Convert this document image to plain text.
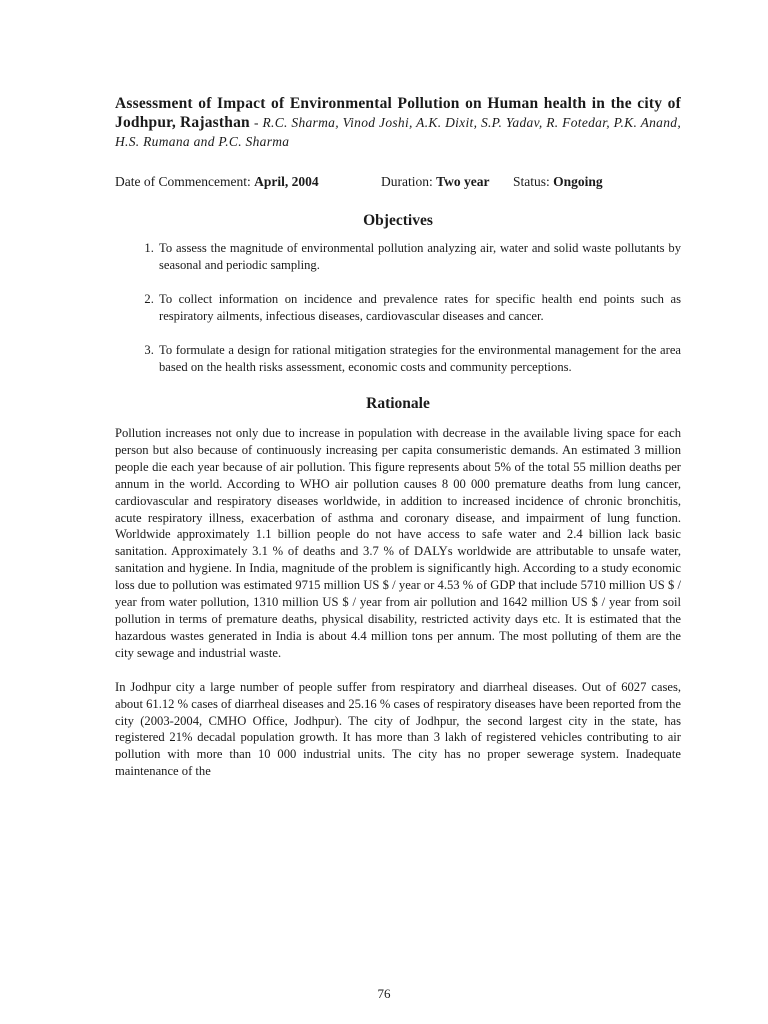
Assessment of Impact of Environmental Pollution on Human health in the city of Jodhpur, Rajasthan - R.C. Sharma, Vinod Joshi, A.K. Dixit, S.P. Yadav, R. Fotedar, P.K. Anand, H.S. Rumana and P.C. Sharma
Date of Commencement: April, 2004	Duration: Two year	Status: Ongoing
Objectives
1. To assess the magnitude of environmental pollution analyzing air, water and solid waste pollutants by seasonal and periodic sampling.
2. To collect information on incidence and prevalence rates for specific health end points such as respiratory ailments, infectious diseases, cardiovascular diseases and cancer.
3. To formulate a design for rational mitigation strategies for the environmental management for the area based on the health risks assessment, economic costs and community perceptions.
Rationale

Pollution increases not only due to increase in population with decrease in the available living space for each person but also because of continuously increasing per capita consumeristic demands. An estimated 3 million people die each year because of air pollution. This figure represents about 5% of the total 55 million deaths per annum in the world. According to WHO air pollution causes 8 00 000 premature deaths from lung cancer, cardiovascular and respiratory diseases worldwide, in addition to increased incidence of chronic bronchitis, acute respiratory illness, exacerbation of asthma and coronary disease, and impairment of lung function. Worldwide approximately 1.1 billion people do not have access to safe water and 2.4 billion lack basic sanitation. Approximately 3.1 % of deaths and 3.7 % of DALYs worldwide are attributable to unsafe water, sanitation and hygiene. In India, magnitude of the problem is significantly high. According to a study economic loss due to pollution was estimated 9715 million US $ / year or 4.53 % of GDP that include 5710 million US $ / year from water pollution, 1310 million US $ / year from air pollution and 1642 million US $ / year from soil pollution in terms of premature deaths, physical disability, restricted activity days etc. It is estimated that the hazardous wastes generated in India is about 4.4 million tons per annum. The most polluting of them are the city sewage and industrial waste.

In Jodhpur city a large number of people suffer from respiratory and diarrheal diseases. Out of 6027 cases, about 61.12 % cases of diarrheal diseases and 25.16 % cases of respiratory diseases have been reported from the city (2003-2004, CMHO Office, Jodhpur). The city of Jodhpur, the second largest city in the state, has registered 21% decadal population growth. It has more than 3 lakh of registered vehicles contributing to air pollution with more than 10 000 industrial units. The city has no proper sewerage system. Inadequate maintenance of the

76
